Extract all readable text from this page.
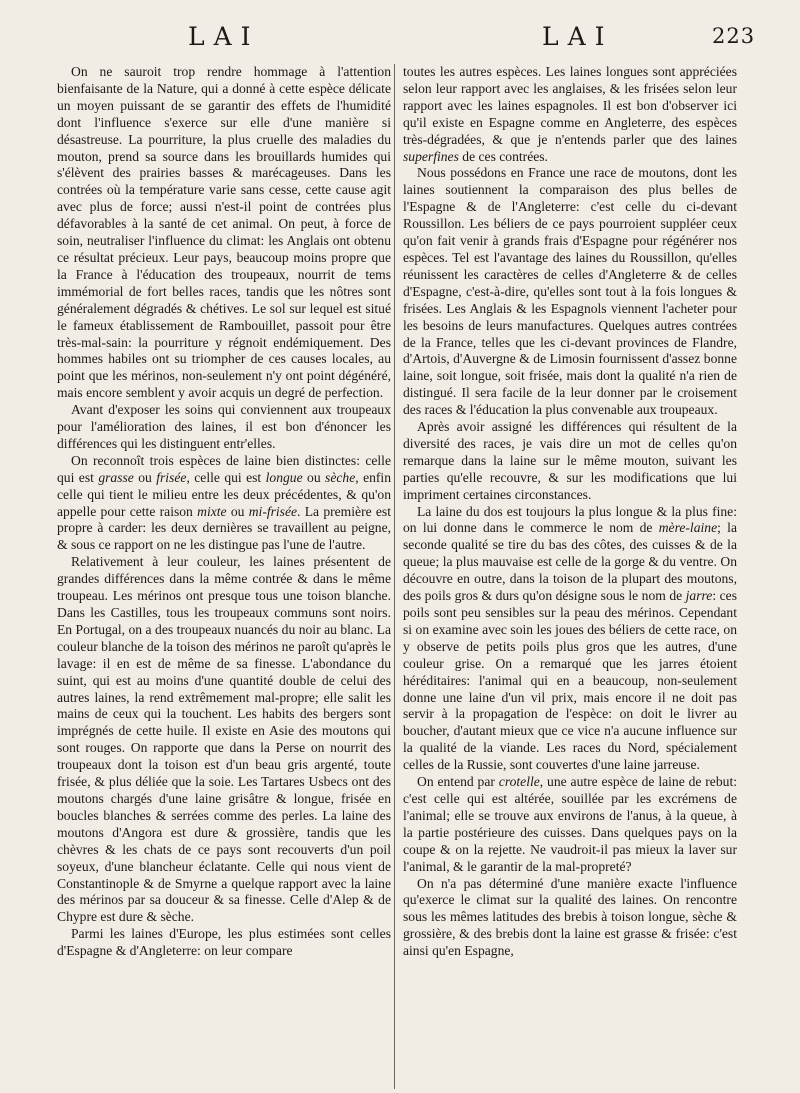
LAI	LAI	223

On ne sauroit trop rendre hommage à l'attention bienfaisante de la Nature, qui a donné à cette espèce délicate un moyen puissant de se garantir des effets de l'humidité dont l'influence s'exerce sur elle d'une manière si désastreuse. La pourriture, la plus cruelle des maladies du mouton, prend sa source dans les brouillards humides qui s'élèvent des prairies basses & marécageuses. Dans les contrées où la température varie sans cesse, cette cause agit avec plus de force; aussi n'est-il point de contrées plus défavorables à la santé de cet animal. On peut, à force de soin, neutraliser l'influence du climat: les Anglais ont obtenu ce résultat précieux. Leur pays, beaucoup moins propre que la France à l'éducation des troupeaux, nourrit de tems immémorial de fort belles races, tandis que les nôtres sont généralement dégradés & chétives. Le sol sur lequel est situé le fameux établissement de Rambouillet, passoit pour être très-mal-sain: la pourriture y régnoit endémiquement. Des hommes habiles ont su triompher de ces causes locales, au point que les mérinos, non-seulement n'y ont point dégénéré, mais encore semblent y avoir acquis un degré de perfection.

Avant d'exposer les soins qui conviennent aux troupeaux pour l'amélioration des laines, il est bon d'énoncer les différences qui les distinguent entr'elles.

On reconnoît trois espèces de laine bien distinctes: celle qui est grasse ou frisée, celle qui est longue ou sèche, enfin celle qui tient le milieu entre les deux précédentes, & qu'on appelle pour cette raison mixte ou mi-frisée. La première est propre à carder: les deux dernières se travaillent au peigne, & sous ce rapport on ne les distingue pas l'une de l'autre.

Relativement à leur couleur, les laines présentent de grandes différences dans la même contrée & dans le même troupeau. Les mérinos ont presque tous une toison blanche. Dans les Castilles, tous les troupeaux communs sont noirs. En Portugal, on a des troupeaux nuancés du noir au blanc. La couleur blanche de la toison des mérinos ne paroît qu'après le lavage: il en est de même de sa finesse. L'abondance du suint, qui est au moins d'une quantité double de celui des autres laines, la rend extrêmement mal-propre; elle salit les mains de ceux qui la touchent. Les habits des bergers sont imprégnés de cette huile. Il existe en Asie des moutons qui sont rouges. On rapporte que dans la Perse on nourrit des troupeaux dont la toison est d'un beau gris argenté, toute frisée, & plus déliée que la soie. Les Tartares Usbecs ont des moutons chargés d'une laine grisâtre & longue, frisée en boucles blanches & serrées comme des perles. La laine des moutons d'Angora est dure & grossière, tandis que les chèvres & les chats de ce pays sont recouverts d'un poil soyeux, d'une blancheur éclatante. Celle qui nous vient de Constantinople & de Smyrne a quelque rapport avec la laine des mérinos par sa douceur & sa finesse. Celle d'Alep & de Chypre est dure & sèche.

Parmi les laines d'Europe, les plus estimées sont celles d'Espagne & d'Angleterre: on leur compare

toutes les autres espèces. Les laines longues sont appréciées selon leur rapport avec les anglaises, & les frisées selon leur rapport avec les laines espagnoles. Il est bon d'observer ici qu'il existe en Espagne comme en Angleterre, des espèces très-dégradées, & que je n'entends parler que des laines superfines de ces contrées.

Nous possédons en France une race de moutons, dont les laines soutiennent la comparaison des plus belles de l'Espagne & de l'Angleterre: c'est celle du ci-devant Roussillon. Les béliers de ce pays pourroient suppléer ceux qu'on fait venir à grands frais d'Espagne pour régénérer nos espèces. Tel est l'avantage des laines du Roussillon, qu'elles réunissent les caractères de celles d'Angleterre & de celles d'Espagne, c'est-à-dire, qu'elles sont tout à la fois longues & frisées. Les Anglais & les Espagnols viennent l'acheter pour les besoins de leurs manufactures. Quelques autres contrées de la France, telles que les ci-devant provinces de Flandre, d'Artois, d'Auvergne & de Limosin fournissent d'assez bonne laine, soit longue, soit frisée, mais dont la qualité n'a rien de distingué. Il sera facile de la leur donner par le croisement des races & l'éducation la plus convenable aux troupeaux.

Après avoir assigné les différences qui résultent de la diversité des races, je vais dire un mot de celles qu'on remarque dans la laine sur le même mouton, suivant les parties qu'elle recouvre, & sur les modifications que lui impriment certaines circonstances.

La laine du dos est toujours la plus longue & la plus fine: on lui donne dans le commerce le nom de mère-laine; la seconde qualité se tire du bas des côtes, des cuisses & de la queue; la plus mauvaise est celle de la gorge & du ventre. On découvre en outre, dans la toison de la plupart des moutons, des poils gros & durs qu'on désigne sous le nom de jarre: ces poils sont peu sensibles sur la peau des mérinos. Cependant si on examine avec soin les joues des béliers de cette race, on y observe de petits poils plus gros que les autres, d'une couleur grise. On a remarqué que les jarres étoient héréditaires: l'animal qui en a beaucoup, non-seulement donne une laine d'un vil prix, mais encore il ne doit pas servir à la propagation de l'espèce: on doit le livrer au boucher, d'autant mieux que ce vice n'a aucune influence sur la qualité de la viande. Les races du Nord, spécialement celles de la Russie, sont couvertes d'une laine jarreuse.

On entend par crotelle, une autre espèce de laine de rebut: c'est celle qui est altérée, souillée par les excrémens de l'animal; elle se trouve aux environs de l'anus, à la queue, à la partie postérieure des cuisses. Dans quelques pays on la coupe & on la rejette. Ne vaudroit-il pas mieux la laver sur l'animal, & le garantir de la mal-propreté?

On n'a pas déterminé d'une manière exacte l'influence qu'exerce le climat sur la qualité des laines. On rencontre sous les mêmes latitudes des brebis à toison longue, sèche & grossière, & des brebis dont la laine est grasse & frisée: c'est ainsi qu'en Espagne,
